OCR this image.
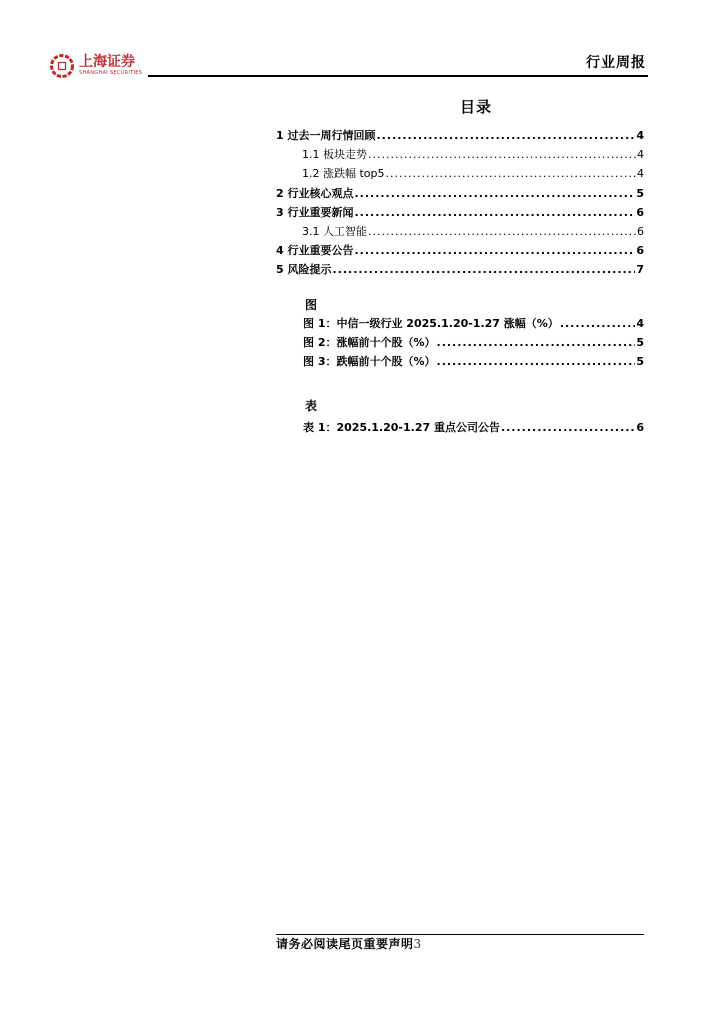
上海证券
SHANGHAI SECURITIES
行业周报
目录
1 过去一周行情回顾 .....	4
1.1 板块走势 .....	4
1.2 涨跌幅 top5 .....	4
2 行业核心观点 .....	5
3 行业重要新闻 .....	6
3.1 人工智能 .....	6
4 行业重要公告 .....	6
5 风险提示 .....	7
图
图 1：中信一级行业 2025.1.20-1.27 涨幅（%） .....	4
图 2：涨幅前十个股（%） .....	5
图 3：跌幅前十个股（%） .....	5
表
表 1：2025.1.20-1.27 重点公司公告 .....	6
请务必阅读尾页重要声明3
